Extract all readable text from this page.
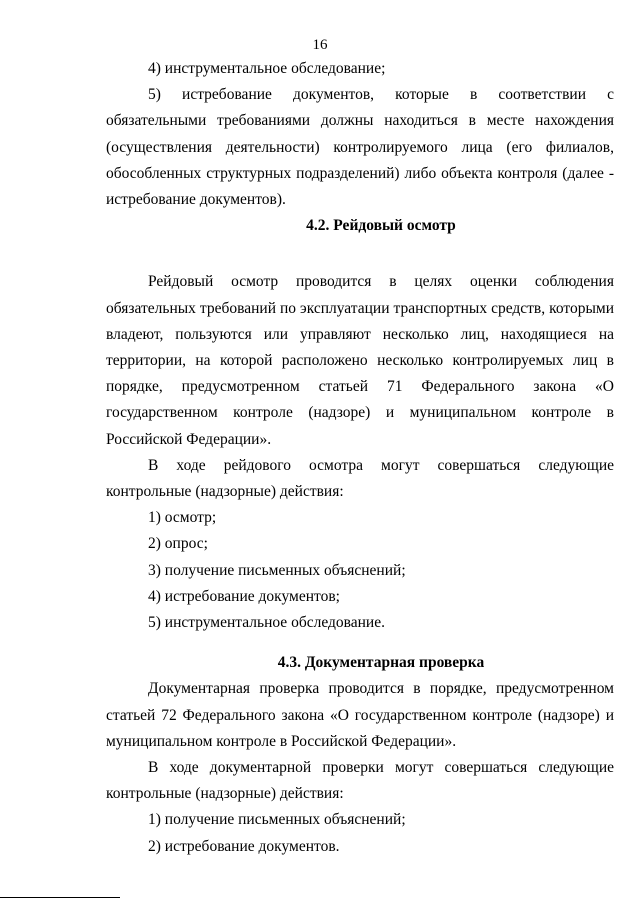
16

4) инструментальное обследование;

5) истребование документов, которые в соответствии с обязательными требованиями должны находиться в месте нахождения (осуществления деятельности) контролируемого лица (его филиалов, обособленных структурных подразделений) либо объекта контроля (далее - истребование документов).

4.2. Рейдовый осмотр

Рейдовый осмотр проводится в целях оценки соблюдения обязательных требований по эксплуатации транспортных средств, которыми владеют, пользуются или управляют несколько лиц, находящиеся на территории, на которой расположено несколько контролируемых лиц в порядке, предусмотренном статьей 71 Федерального закона «О государственном контроле (надзоре) и муниципальном контроле в Российской Федерации».

В ходе рейдового осмотра могут совершаться следующие контрольные (надзорные) действия:

1) осмотр;

2) опрос;

3) получение письменных объяснений;

4) истребование документов;

5) инструментальное обследование.

4.3. Документарная проверка

Документарная проверка проводится в порядке, предусмотренном статьей 72 Федерального закона «О государственном контроле (надзоре) и муниципальном контроле в Российской Федерации».

В ходе документарной проверки могут совершаться следующие контрольные (надзорные) действия:

1) получение письменных объяснений;

2) истребование документов.
